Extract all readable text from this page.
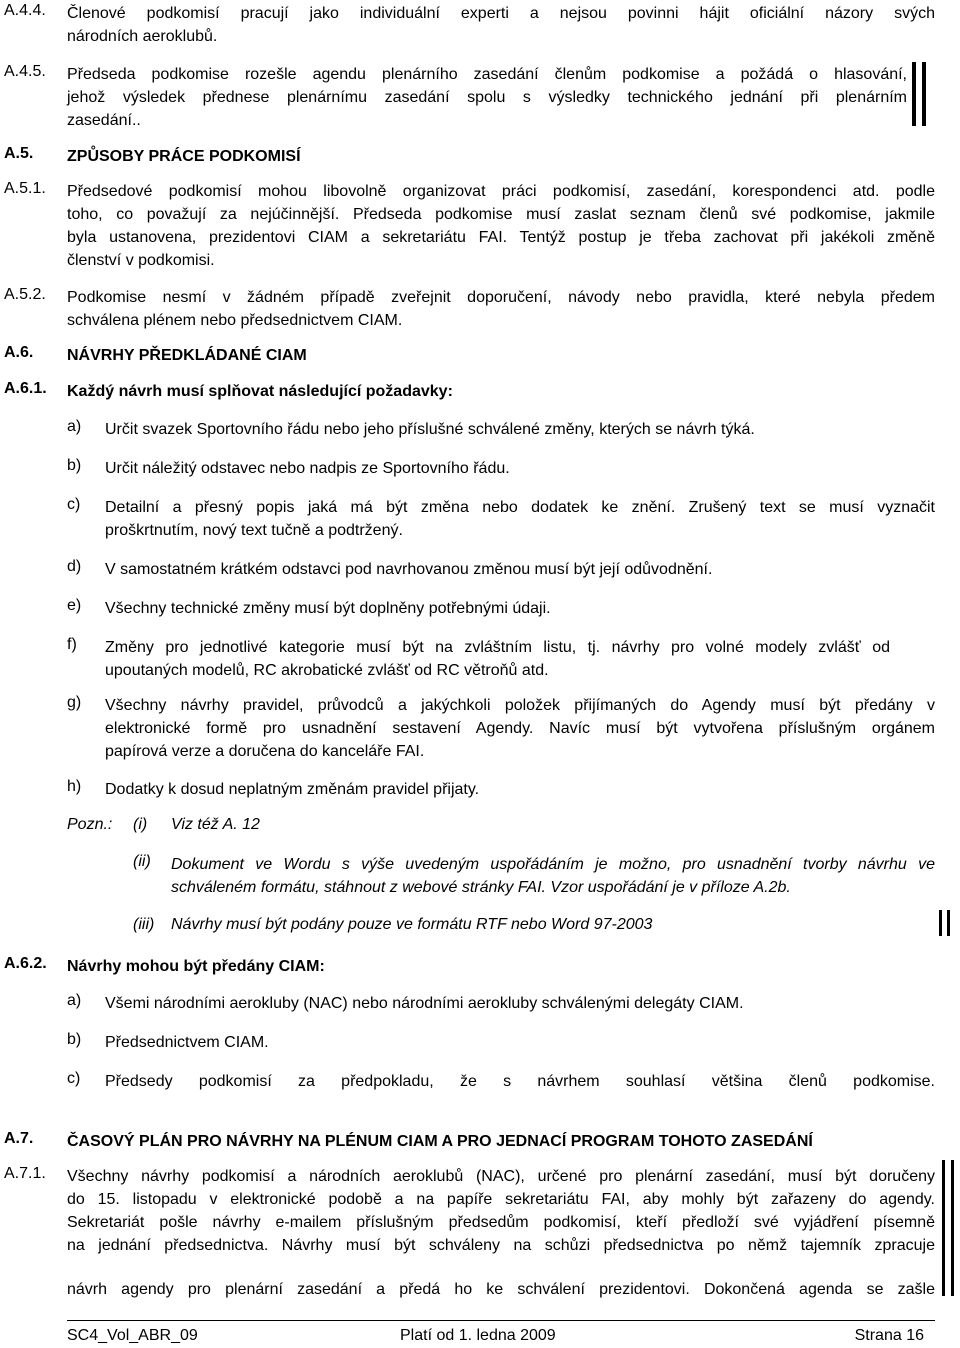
A.4.4. Členové podkomisí pracují jako individuální experti a nejsou povinni hájit oficiální názory svých
národních aeroklubů.
A.4.5. Předseda podkomise rozešle agendu plenárního zasedání členům podkomise a požádá o hlasování,
jehož výsledek přednese plenárnímu zasedání spolu s výsledky technického jednání při plenárním
zasedání..
A.5. ZPŮSOBY PRÁCE PODKOMISÍ
A.5.1. Předsedové podkomisí mohou libovolně organizovat práci podkomisí, zasedání, korespondenci atd. podle
toho, co považují za nejúčinnější. Předseda podkomise musí zaslat seznam členů své podkomise, jakmile
byla ustanovena, prezidentovi CIAM a sekretariátu FAI. Tentýž postup je třeba zachovat při jakékoli změně
členství v podkomisi.
A.5.2. Podkomise nesmí v žádném případě zveřejnit doporučení, návody nebo pravidla, které nebyla předem
schválena plénem nebo předsednictvem CIAM.
A.6. NÁVRHY PŘEDKLÁDANÉ CIAM
A.6.1. Každý návrh musí splňovat následující požadavky:
a) Určit svazek Sportovního řádu nebo jeho příslušné schválené změny, kterých se návrh týká.
b) Určit náležitý odstavec nebo nadpis ze Sportovního řádu.
c) Detailní a přesný popis jaká má být změna nebo dodatek ke znění. Zrušený text se musí vyznačit
proškrtnutím, nový text tučně a podtržený.
d) V samostatném krátkém odstavci pod navrhovanou změnou musí být její odůvodnění.
e) Všechny technické změny musí být doplněny potřebnými údaji.
f) Změny pro jednotlivé kategorie musí být na zvláštním listu, tj. návrhy pro volné modely zvlášť od
upoutaných modelů, RC akrobatické zvlášť od RC větroňů atd.
g) Všechny návrhy pravidel, průvodců a jakýchkoli položek přijímaných do Agendy musí být předány v
elektronické formě pro usnadnění sestavení Agendy. Navíc musí být vytvořena příslušným orgánem
papírová verze a doručena do kanceláře FAI.
h) Dodatky k dosud neplatným změnám pravidel přijaty.
Pozn.: (i) Viz též A. 12
(ii) Dokument ve Wordu s výše uvedeným uspořádáním je možno, pro usnadnění tvorby návrhu ve
schváleném formátu, stáhnout z webové stránky FAI. Vzor uspořádání je v příloze A.2b.
(iii) Návrhy musí být podány pouze ve formátu RTF nebo Word 97-2003
A.6.2. Návrhy mohou být předány CIAM:
a) Všemi národními aerokluby (NAC) nebo národními aerokluby schválenými delegáty CIAM.
b) Předsednictvem CIAM.
c) Předsedy podkomisí za předpokladu, že s návrhem souhlasí většina členů podkomise.
A.7. ČASOVÝ PLÁN PRO NÁVRHY NA PLÉNUM CIAM A PRO JEDNACÍ PROGRAM TOHOTO ZASEDÁNÍ
A.7.1. Všechny návrhy podkomisí a národních aeroklubů (NAC), určené pro plenární zasedání, musí být doručeny
do 15. listopadu v elektronické podobě a na papíře sekretariátu FAI, aby mohly být zařazeny do agendy.
Sekretariát pošle návrhy e-mailem příslušným předsedům podkomisí, kteří předloží své vyjádření písemně
na jednání předsednictva. Návrhy musí být schváleny na schůzi předsednictva po němž tajemník zpracuje
návrh agendy pro plenární zasedání a předá ho ke schválení prezidentovi. Dokončená agenda se zašle
SC4_Vol_ABR_09	Platí od 1. ledna 2009	Strana 16
